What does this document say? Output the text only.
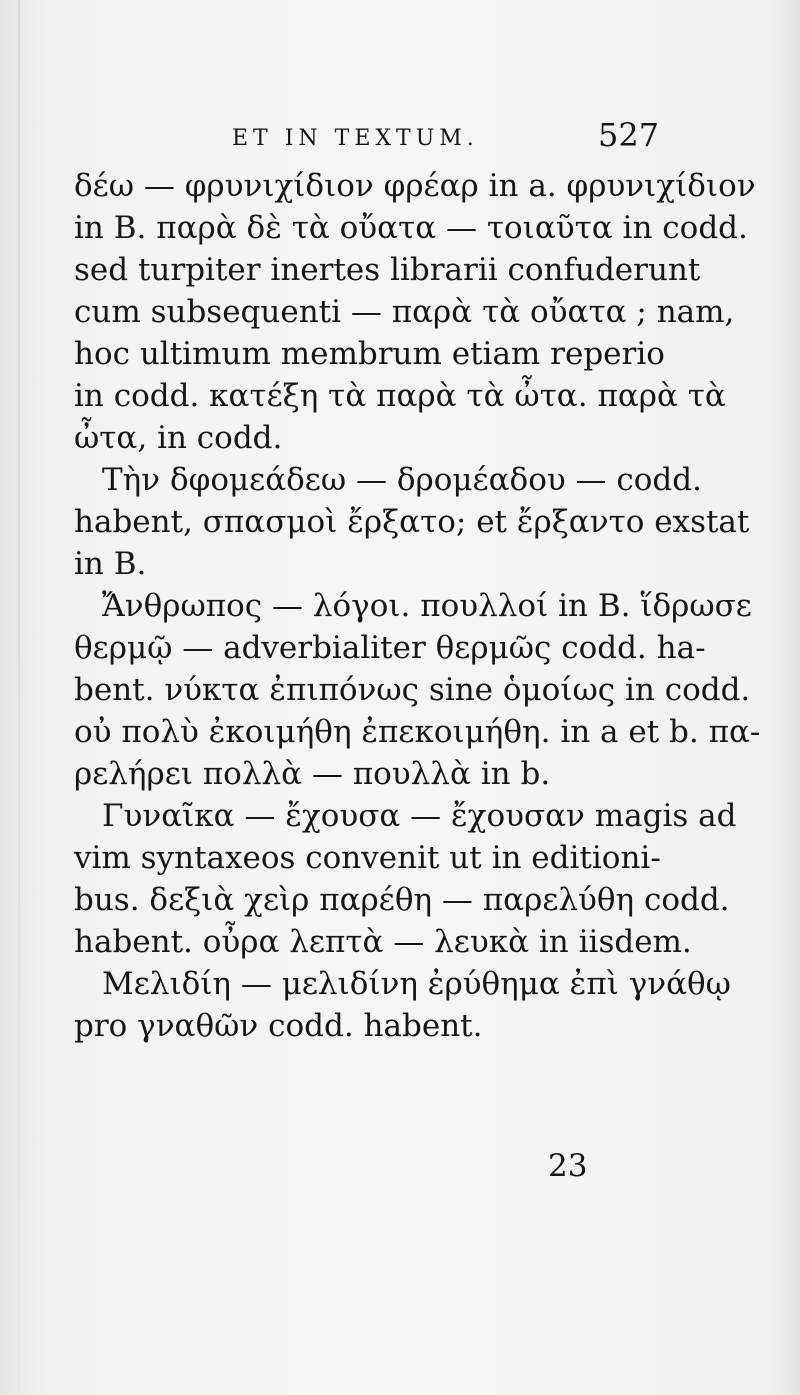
ET IN TEXTUM.	527
δέω — φρυνιχίδιον φρέαρ in a. φρυνιχίδιον
in B. παρὰ δὲ τὰ οὔατα — τοιαῦτα in codd.
sed turpiter inertes librarii confuderunt
cum subsequenti — παρὰ τὰ οὔατα ; nam,
hoc ultimum membrum etiam reperio
in codd. κατέξη τὰ παρὰ τὰ ὦτα. παρὰ τὰ
ὦτα, in codd.
Τὴν δφομεάδεω — δρομέαδου — codd.
habent, σπασμοὶ ἔρξατο; et ἔρξαντο exstat
in B.
Ἄνθρωπος — λόγοι. πουλλοί in B. ἵδρωσε
θερμῷ — adverbialiter θερμῶς codd. ha-
bent. νύκτα ἐπιπόνως sine ὁμοίως in codd.
οὐ πολὺ ἐκοιμήθη ἐπεκοιμήθη. in a et b. πα-
ρελήρει πολλὰ — πουλλὰ in b.
Γυναῖκα — ἔχουσα — ἔχουσαν magis ad
vim syntaxeos convenit ut in editioni-
bus. δεξιὰ χεὶρ παρέθη — παρελύθη codd.
habent. οὖρα λεπτὰ — λευκὰ in iisdem.
Μελιδίη — μελιδίνη ἐρύθημα ἐπὶ γνάθῳ
pro γναθῶν codd. habent.
23
